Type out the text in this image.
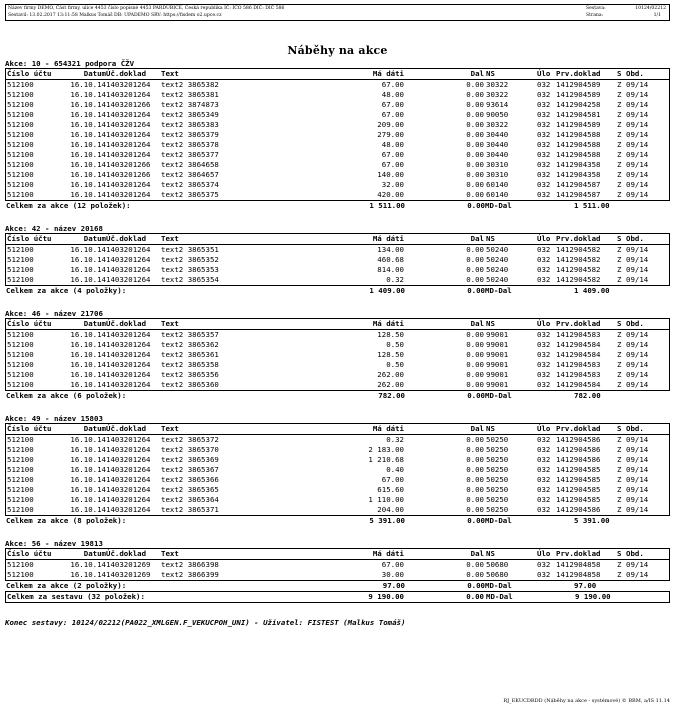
Název firmy DEMO, Část firmy, ulice 4453 číslo popisné 4453 PARDUBICE, Česká republika IČ: IČO 586 DIČ: DIČ 586
Sestavil: 13.02.2017 13:11:58 Malkus Tomáš DB: UPADEMO SRV: https://fisdem o2.upce.cz
Sestava:	10124/02212
Strana:	1/1
Náběhy na akce
Akce: 10 - 654321 podpora ČŽV
Číslo účtu	Datum Úč.doklad Text	Má dáti	Dal NS	Úlo Prv.doklad S Obd.
512100	16.10.14 1403201264 text2 3865382	67.00	0.00 30322	032 1412904589 Z 09/14
512100	16.10.14 1403201264 text2 3865381	48.00	0.00 30322	032 1412904589 Z 09/14
512100	16.10.14 1403201266 text2 3874873	67.00	0.00 93614	032 1412904258 Z 09/14
512100	16.10.14 1403201264 text2 3865349	67.00	0.00 90050	032 1412904581 Z 09/14
512100	16.10.14 1403201264 text2 3865383	209.00	0.00 30322	032 1412904589 Z 09/14
512100	16.10.14 1403201264 text2 3865379	279.00	0.00 30440	032 1412904588 Z 09/14
512100	16.10.14 1403201264 text2 3865378	48.00	0.00 30440	032 1412904588 Z 09/14
512100	16.10.14 1403201264 text2 3865377	67.00	0.00 30440	032 1412904588 Z 09/14
512100	16.10.14 1403201266 text2 3864658	67.00	0.00 30310	032 1412904358 Z 09/14
512100	16.10.14 1403201266 text2 3864657	140.00	0.00 30310	032 1412904358 Z 09/14
512100	16.10.14 1403201264 text2 3865374	32.00	0.00 60140	032 1412904587 Z 09/14
512100	16.10.14 1403201264 text2 3865375	420.00	0.00 60140	032 1412904587 Z 09/14
Celkem za akce (12 položek):	1 511.00	0.00 MD-Dal	1 511.00
Akce: 42 - název 20168
Číslo účtu	Datum Úč.doklad Text	Má dáti	Dal NS	Úlo Prv.doklad S Obd.
512100	16.10.14 1403201264 text2 3865351	134.00	0.00 50240	032 1412904582 Z 09/14
512100	16.10.14 1403201264 text2 3865352	460.68	0.00 50240	032 1412904582 Z 09/14
512100	16.10.14 1403201264 text2 3865353	814.00	0.00 50240	032 1412904582 Z 09/14
512100	16.10.14 1403201264 text2 3865354	0.32	0.00 50240	032 1412904582 Z 09/14
Celkem za akce (4 položky):	1 409.00	0.00 MD-Dal	1 409.00
Akce: 46 - název 21706
Číslo účtu	Datum Úč.doklad Text	Má dáti	Dal NS	Úlo Prv.doklad S Obd.
512100	16.10.14 1403201264 text2 3865357	128.50	0.00 99001	032 1412904583 Z 09/14
512100	16.10.14 1403201264 text2 3865362	0.50	0.00 99001	032 1412904584 Z 09/14
512100	16.10.14 1403201264 text2 3865361	128.50	0.00 99001	032 1412904584 Z 09/14
512100	16.10.14 1403201264 text2 3865358	0.50	0.00 99001	032 1412904583 Z 09/14
512100	16.10.14 1403201264 text2 3865356	262.00	0.00 99001	032 1412904583 Z 09/14
512100	16.10.14 1403201264 text2 3865360	262.00	0.00 99001	032 1412904584 Z 09/14
Celkem za akce (6 položek):	782.00	0.00 MD-Dal	782.00
Akce: 49 - název 15803
Číslo účtu	Datum Úč.doklad Text	Má dáti	Dal NS	Úlo Prv.doklad S Obd.
512100	16.10.14 1403201264 text2 3865372	0.32	0.00 50250	032 1412904586 Z 09/14
512100	16.10.14 1403201264 text2 3865370	2 183.00	0.00 50250	032 1412904586 Z 09/14
512100	16.10.14 1403201264 text2 3865369	1 210.68	0.00 50250	032 1412904586 Z 09/14
512100	16.10.14 1403201264 text2 3865367	0.40	0.00 50250	032 1412904585 Z 09/14
512100	16.10.14 1403201264 text2 3865366	67.00	0.00 50250	032 1412904585 Z 09/14
512100	16.10.14 1403201264 text2 3865365	615.60	0.00 50250	032 1412904585 Z 09/14
512100	16.10.14 1403201264 text2 3865364	1 110.00	0.00 50250	032 1412904585 Z 09/14
512100	16.10.14 1403201264 text2 3865371	204.00	0.00 50250	032 1412904586 Z 09/14
Celkem za akce (8 položek):	5 391.00	0.00 MD-Dal	5 391.00
Akce: 56 - název 19813
Číslo účtu	Datum Úč.doklad Text	Má dáti	Dal NS	Úlo Prv.doklad S Obd.
512100	16.10.14 1403201269 text2 3866398	67.00	0.00 50680	032 1412904858 Z 09/14
512100	16.10.14 1403201269 text2 3866399	30.00	0.00 50680	032 1412904858 Z 09/14
Celkem za akce (2 položky):	97.00	0.00 MD-Dal	97.00
Celkem za sestavu (32 položek):	9 190.00	0.00 MD-Dal	9 190.00
Konec sestavy: 10124/02212(PA022_XMLGEN.F_VEKUCPOH_UNI) - Uživatel: FISTEST (Malkus Tomáš)
RJ_EKUCDRDD (Náběhy na akce - systémové) © BBM, a/IS 11.14
